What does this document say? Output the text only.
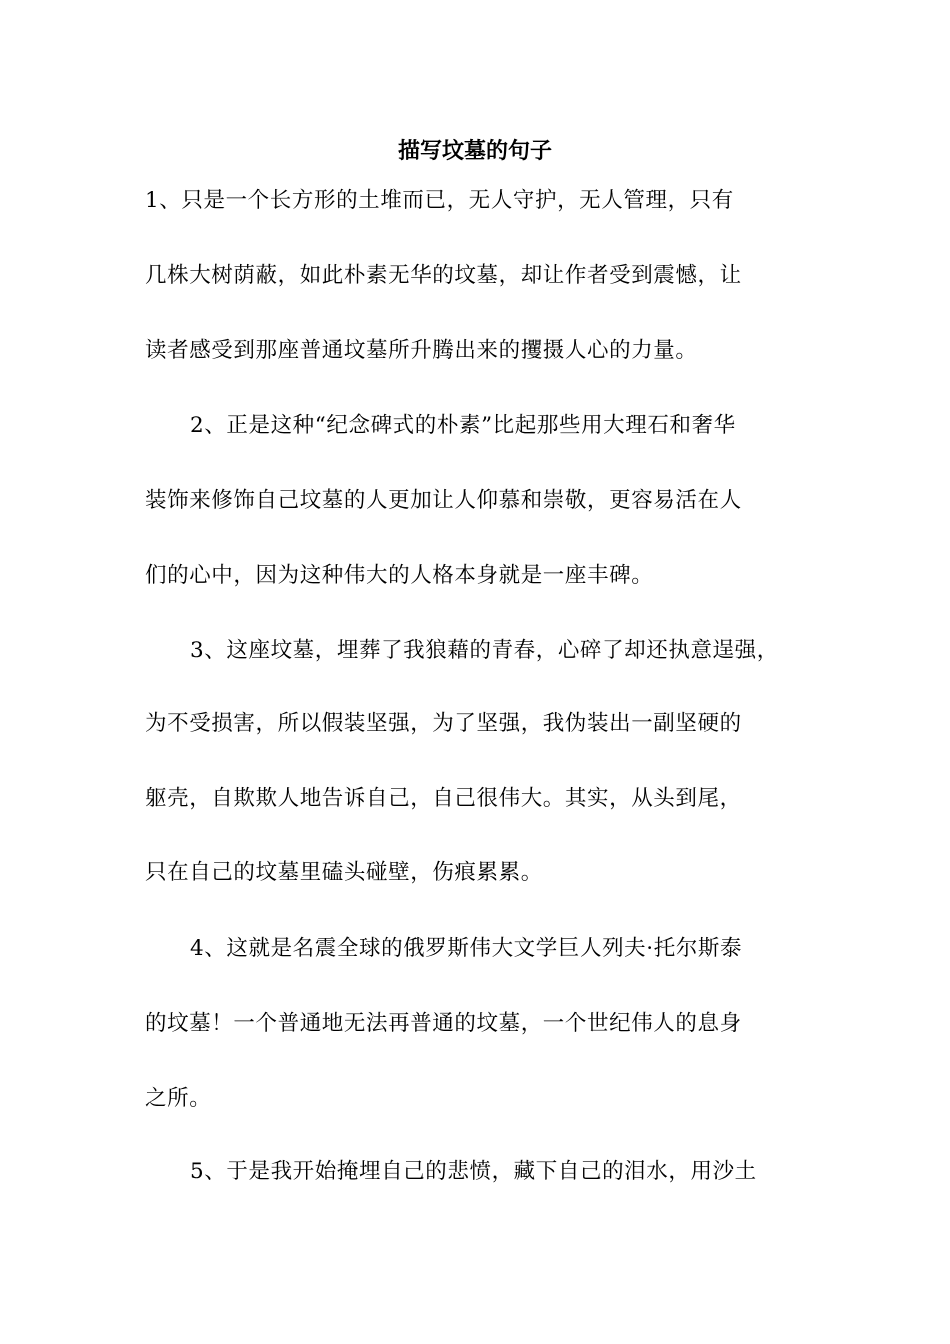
描写坟墓的句子
1、只是一个长方形的土堆而已，无人守护，无人管理，只有
几株大树荫蔽，如此朴素无华的坟墓，却让作者受到震憾，让
读者感受到那座普通坟墓所升腾出来的攫摄人心的力量。
2、正是这种“纪念碑式的朴素”比起那些用大理石和奢华
装饰来修饰自己坟墓的人更加让人仰慕和崇敬，更容易活在人
们的心中，因为这种伟大的人格本身就是一座丰碑。
3、这座坟墓，埋葬了我狼藉的青春，心碎了却还执意逞强，
为不受损害，所以假装坚强，为了坚强，我伪装出一副坚硬的
躯壳，自欺欺人地告诉自己，自己很伟大。其实，从头到尾，
只在自己的坟墓里磕头碰壁，伤痕累累。
4、这就是名震全球的俄罗斯伟大文学巨人列夫·托尔斯泰
的坟墓！一个普通地无法再普通的坟墓，一个世纪伟人的息身
之所。
5、于是我开始掩埋自己的悲愤，藏下自己的泪水，用沙土
